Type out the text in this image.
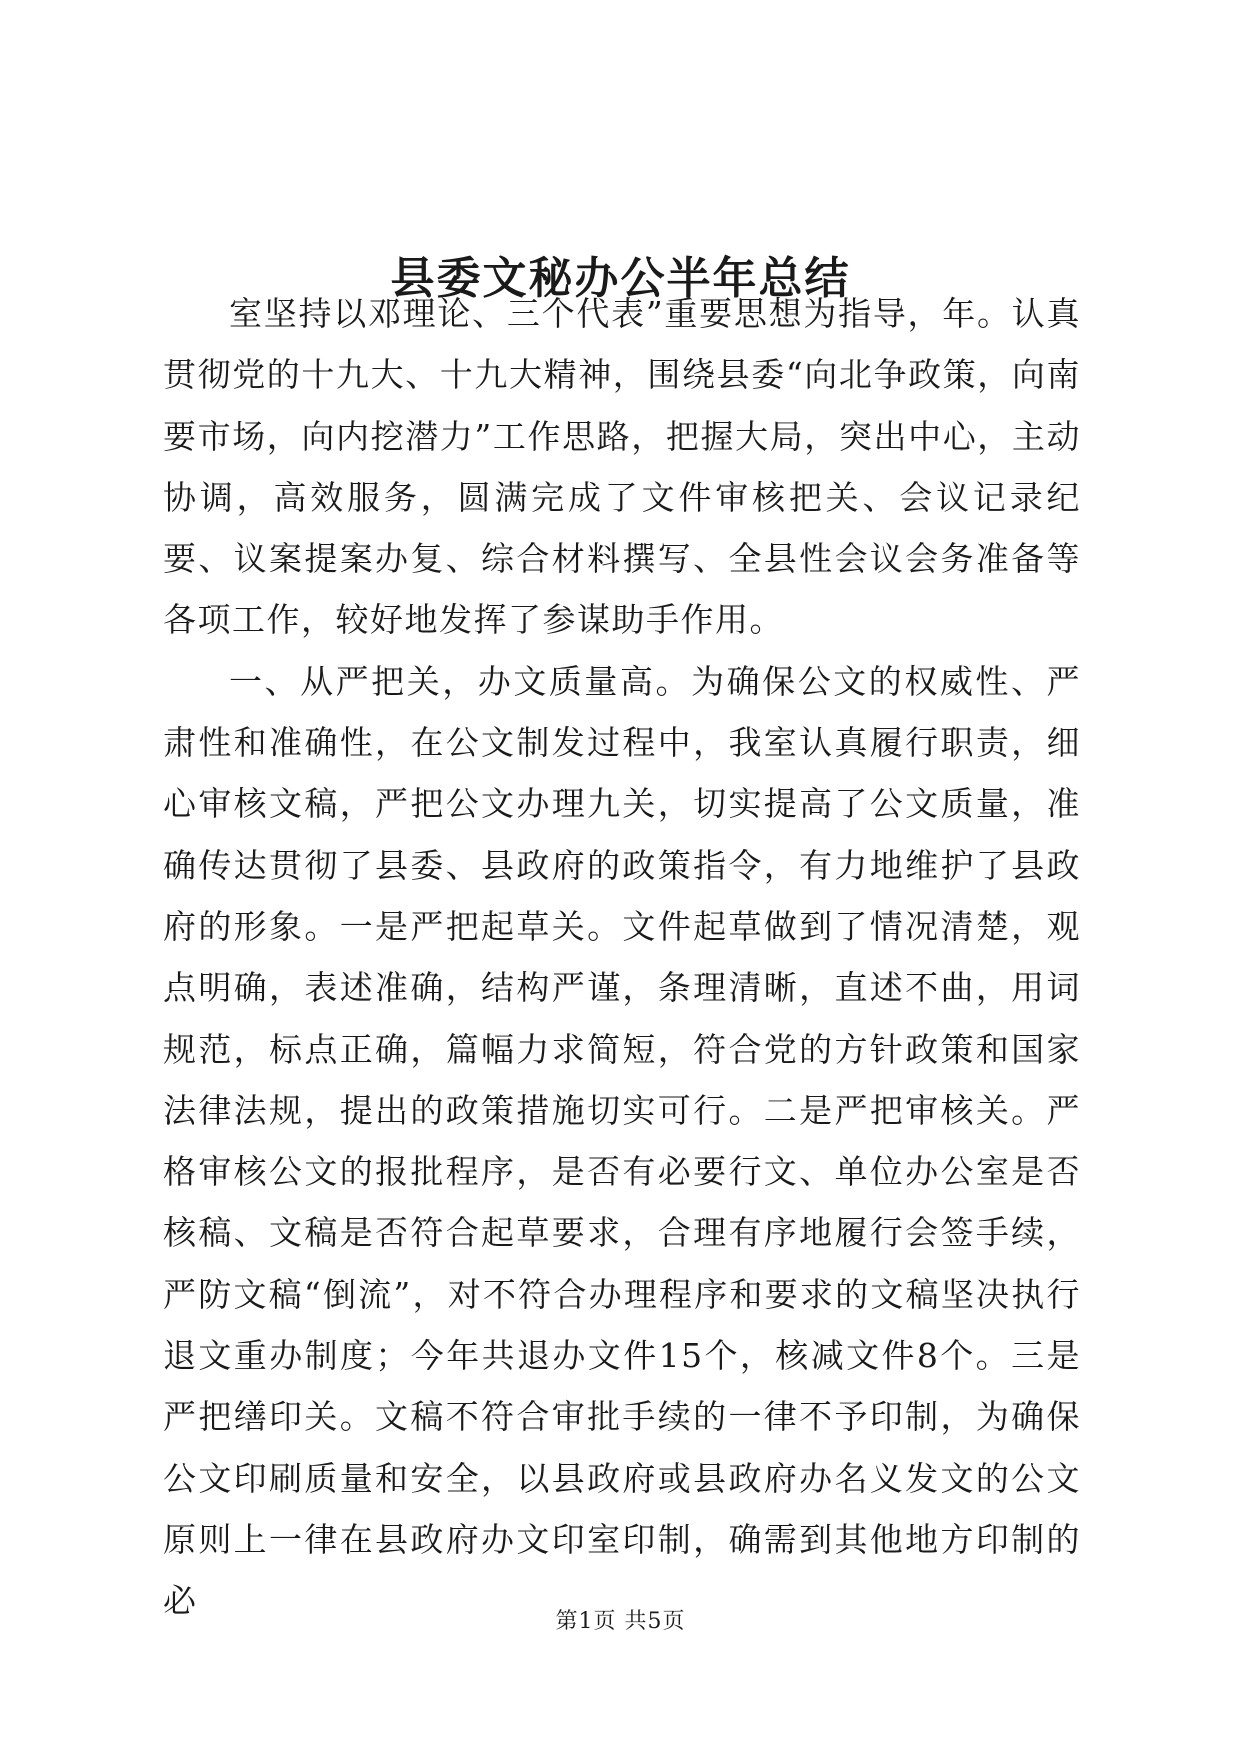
县委文秘办公半年总结

室坚持以邓理论、三个代表”重要思想为指导，年。认真贯彻党的十九大、十九大精神，围绕县委“向北争政策，向南要市场，向内挖潜力”工作思路，把握大局，突出中心，主动协调，高效服务，圆满完成了文件审核把关、会议记录纪要、议案提案办复、综合材料撰写、全县性会议会务准备等各项工作，较好地发挥了参谋助手作用。

一、从严把关，办文质量高。为确保公文的权威性、严肃性和准确性，在公文制发过程中，我室认真履行职责，细心审核文稿，严把公文办理九关，切实提高了公文质量，准确传达贯彻了县委、县政府的政策指令，有力地维护了县政府的形象。一是严把起草关。文件起草做到了情况清楚，观点明确，表述准确，结构严谨，条理清晰，直述不曲，用词规范，标点正确，篇幅力求简短，符合党的方针政策和国家法律法规，提出的政策措施切实可行。二是严把审核关。严格审核公文的报批程序，是否有必要行文、单位办公室是否核稿、文稿是否符合起草要求，合理有序地履行会签手续，严防文稿“倒流”，对不符合办理程序和要求的文稿坚决执行退文重办制度；今年共退办文件15个，核减文件8个。三是严把缮印关。文稿不符合审批手续的一律不予印制，为确保公文印刷质量和安全，以县政府或县政府办名义发文的公文原则上一律在县政府办文印室印制，确需到其他地方印制的必

第1页 共5页
